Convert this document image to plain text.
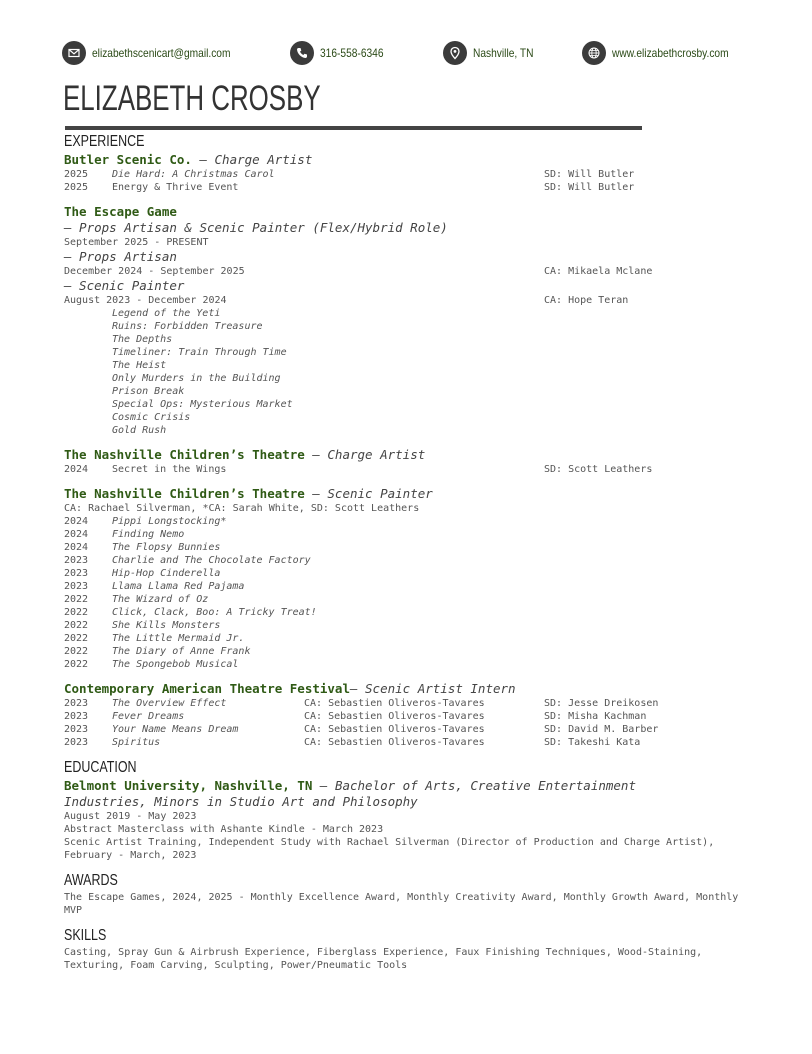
elizabethscenicart@gmail.com	316-558-6346	Nashville, TN	www.elizabethcrosby.com
ELIZABETH CROSBY
EXPERIENCE
Butler Scenic Co. – Charge Artist
2025 Die Hard: A Christmas Carol	SD: Will Butler
2025 Energy & Thrive Event	SD: Will Butler
The Escape Game
– Props Artisan & Scenic Painter (Flex/Hybrid Role)
September 2025 - PRESENT
– Props Artisan
December 2024 - September 2025	CA: Mikaela Mclane
– Scenic Painter
August 2023 - December 2024	CA: Hope Teran
Legend of the Yeti
Ruins: Forbidden Treasure
The Depths
Timeliner: Train Through Time
The Heist
Only Murders in the Building
Prison Break
Special Ops: Mysterious Market
Cosmic Crisis
Gold Rush
The Nashville Children’s Theatre – Charge Artist
2024 Secret in the Wings	SD: Scott Leathers
The Nashville Children’s Theatre – Scenic Painter
CA: Rachael Silverman, *CA: Sarah White, SD: Scott Leathers
2024 Pippi Longstocking*
2024 Finding Nemo
2024 The Flopsy Bunnies
2023 Charlie and The Chocolate Factory
2023 Hip-Hop Cinderella
2023 Llama Llama Red Pajama
2022 The Wizard of Oz
2022 Click, Clack, Boo: A Tricky Treat!
2022 She Kills Monsters
2022 The Little Mermaid Jr.
2022 The Diary of Anne Frank
2022 The Spongebob Musical
Contemporary American Theatre Festival– Scenic Artist Intern
2023 The Overview Effect	CA: Sebastien Oliveros-Tavares	SD: Jesse Dreikosen
2023 Fever Dreams	CA: Sebastien Oliveros-Tavares	SD: Misha Kachman
2023 Your Name Means Dream	CA: Sebastien Oliveros-Tavares	SD: David M. Barber
2023 Spiritus	CA: Sebastien Oliveros-Tavares	SD: Takeshi Kata
EDUCATION
Belmont University, Nashville, TN – Bachelor of Arts, Creative Entertainment
Industries, Minors in Studio Art and Philosophy
August 2019 - May 2023
Abstract Masterclass with Ashante Kindle - March 2023
Scenic Artist Training, Independent Study with Rachael Silverman (Director of Production and Charge Artist), February - March, 2023
AWARDS
The Escape Games, 2024, 2025 - Monthly Excellence Award, Monthly Creativity Award, Monthly Growth Award, Monthly MVP
SKILLS
Casting, Spray Gun & Airbrush Experience, Fiberglass Experience, Faux Finishing Techniques, Wood-Staining, Texturing, Foam Carving, Sculpting, Power/Pneumatic Tools
